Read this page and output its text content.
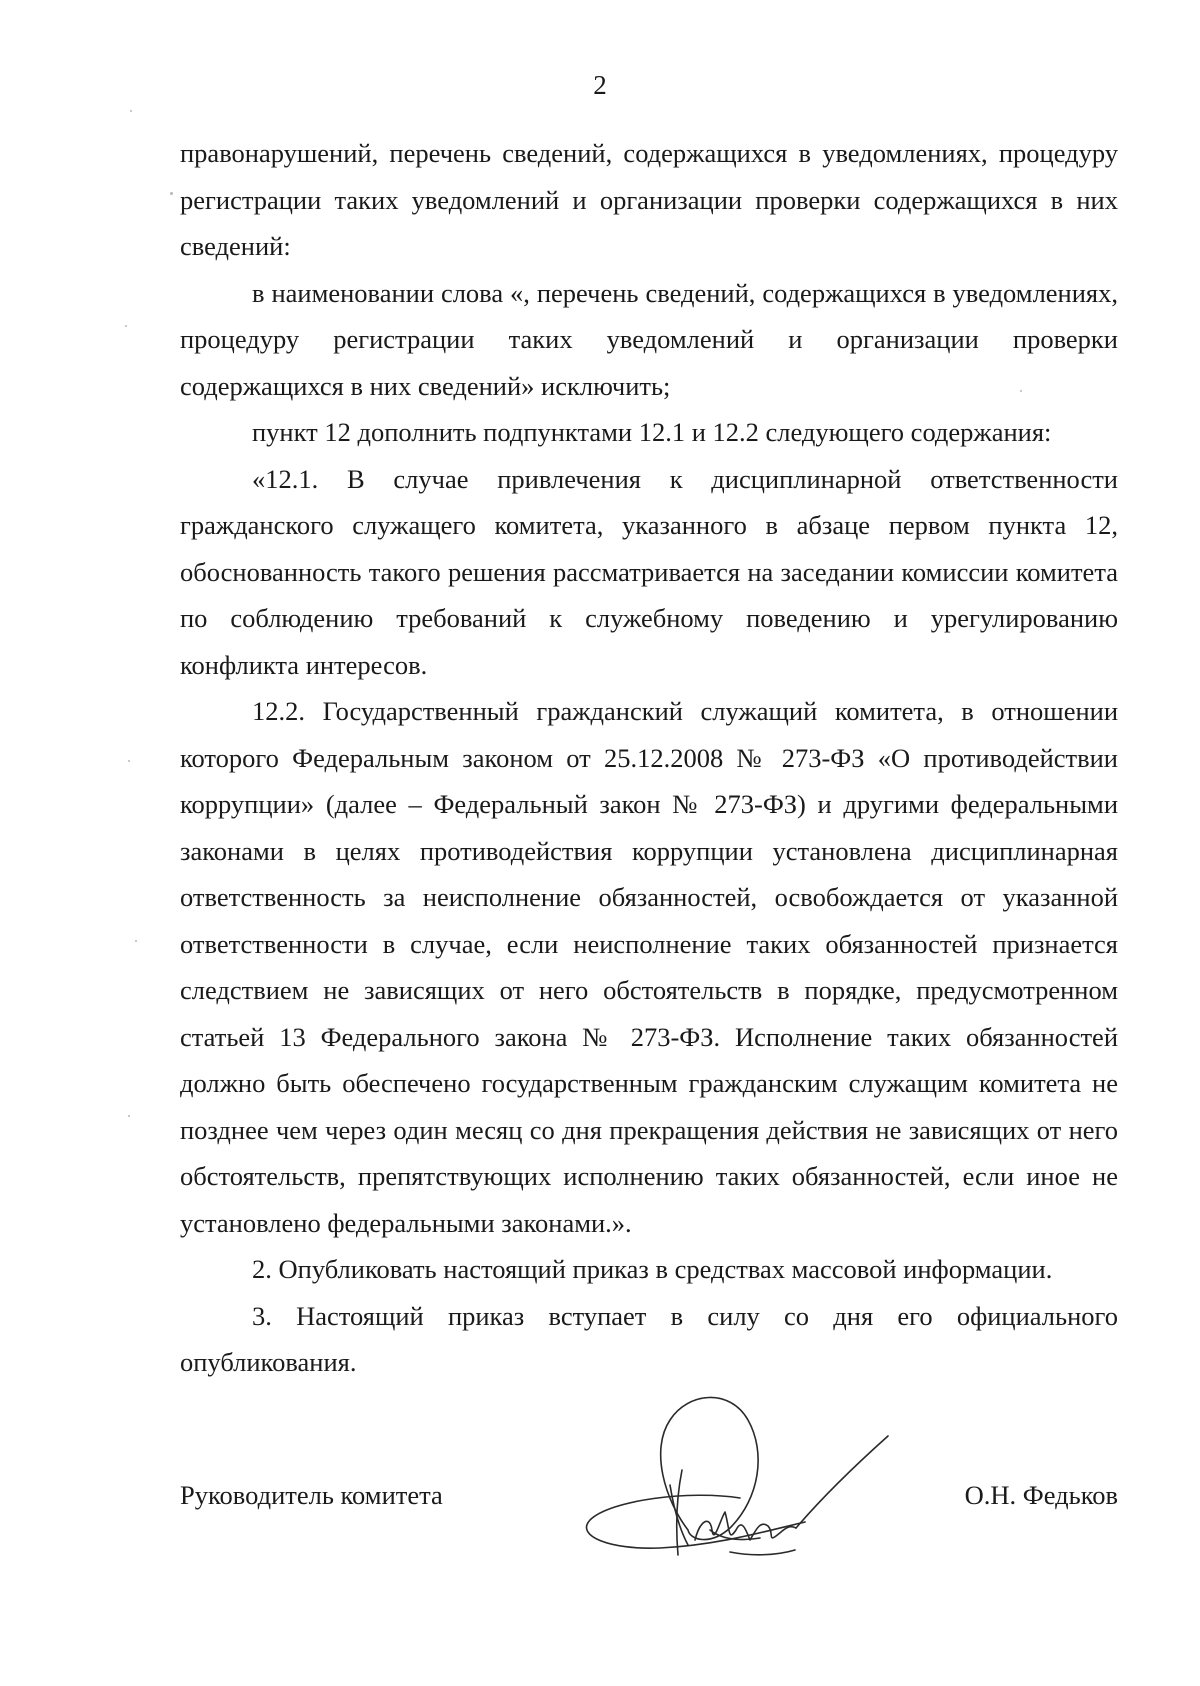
2

правонарушений, перечень сведений, содержащихся в уведомлениях, процедуру регистрации таких уведомлений и организации проверки содержащихся в них сведений:

в наименовании слова «, перечень сведений, содержащихся в уведомлениях, процедуру регистрации таких уведомлений и организации проверки содержащихся в них сведений» исключить;

пункт 12 дополнить подпунктами 12.1 и 12.2 следующего содержания:

«12.1. В случае привлечения к дисциплинарной ответственности гражданского служащего комитета, указанного в абзаце первом пункта 12, обоснованность такого решения рассматривается на заседании комиссии комитета по соблюдению требований к служебному поведению и урегулированию конфликта интересов.

12.2. Государственный гражданский служащий комитета, в отношении которого Федеральным законом от 25.12.2008 № 273-ФЗ «О противодействии коррупции» (далее – Федеральный закон № 273-ФЗ) и другими федеральными законами в целях противодействия коррупции установлена дисциплинарная ответственность за неисполнение обязанностей, освобождается от указанной ответственности в случае, если неисполнение таких обязанностей признается следствием не зависящих от него обстоятельств в порядке, предусмотренном статьей 13 Федерального закона № 273-ФЗ. Исполнение таких обязанностей должно быть обеспечено государственным гражданским служащим комитета не позднее чем через один месяц со дня прекращения действия не зависящих от него обстоятельств, препятствующих исполнению таких обязанностей, если иное не установлено федеральными законами.».

2. Опубликовать настоящий приказ в средствах массовой информации.

3. Настоящий приказ вступает в силу со дня его официального опубликования.

Руководитель комитета	О.Н. Федьков
